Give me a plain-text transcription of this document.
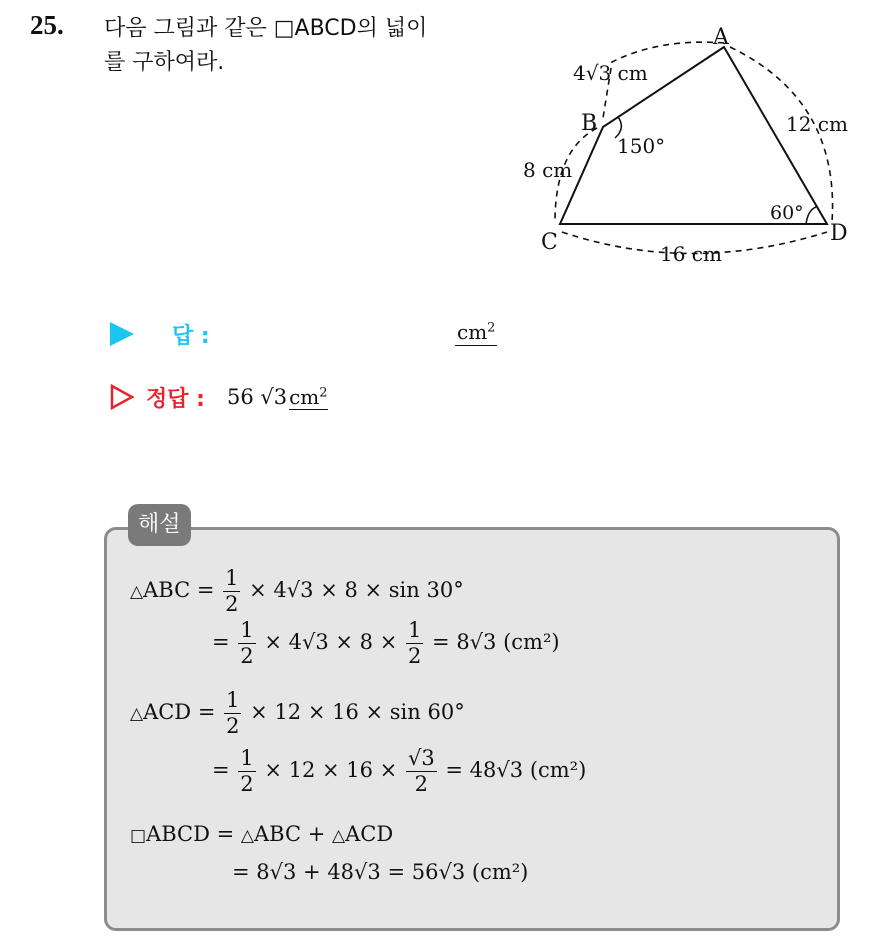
25. 다음 그림과 같은 □ABCD의 넓이
를 구하여라.
A
B
C	D
150°
60°
4√3 cm
8 cm
12 cm
16 cm
답 :	$cm^2$
정답 : 56 √3 $cm^2$
해설
△ABC = $\frac{1}{2} \times 4√3 \times 8 \times \sin 30^\circ$
= $\frac{1}{2} \times 4√3 \times 8 \times \frac{1}{2} = 8√3$ (cm²)
△ACD = $\frac{1}{2} \times 12 \times 16 \times \sin 60^\circ$
= $\frac{1}{2} \times 12 \times 16 \times \frac{√3}{2} = 48√3$ (cm²)
□ABCD = △ABC + △ACD
= 8√3 + 48√3 = 56√3 (cm²)
